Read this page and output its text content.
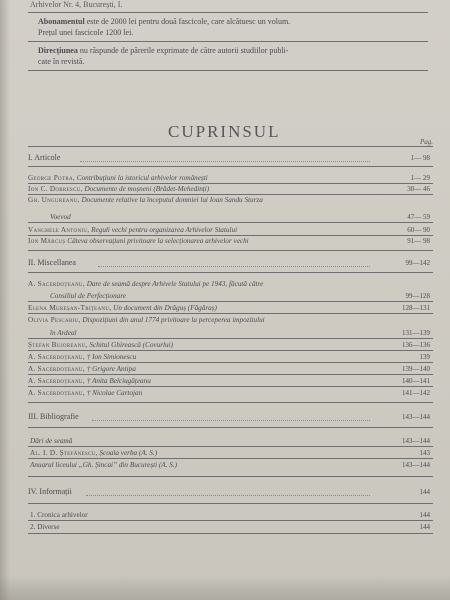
Arhivelor Nr. 4, București, I.
Abonamentul este de 2000 lei pentru două fascicole, care alcătuesc un volum.
Prețul unei fascicole 1200 lei.
Direcțiunea nu răspunde de părerile exprimate de către autorii studiilor publi-
cate în revistă.
CUPRINSUL
Pag.
I. Articole	1— 98
George Potra, Contribuțiuni la istoricul arhivelor românești	1— 29
Ion C. Dobrescu, Documente de moșneni (Brădet-Mehedinți)	30— 46
Gh. Ungureanu, Documente relative la începutul domniei lui Ioan Sandu Sturza
Voevod	47— 59
Vanghele Antoniu, Reguli vechi pentru organizarea Arhivelor Statului	60— 90
Ion Mărcuș Câteva observațiuni privitoare la selecționarea arhivelor vechi	91— 98
II. Miscellanea	99—142
A. Sacerdoțeanu, Dare de seamă despre Arhivele Statului pe 1943, făcută către
Consiliul de Perfecționare	99—128
Elena Mureșan-Trițeanu, Un document din Drăguș (Făgăraș)	128—131
Olivia Pescariu, Dispozițiuni din anul 1774 privitoare la perceperea impozitului
în Ardeal	131—139
Ștefan Bujoreanu, Schitul Ghirească (Covurlui)	136—136
A. Sacerdoțeanu, † Ion Simionescu	139
A. Sacerdoțeanu, † Grigore Antipa	139—140
A. Sacerdoțeanu, † Anita Belciugățeanu	140—141
A. Sacerdoțeanu, † Nicolae Cartojan	141—142
III. Bibliografie	143—144
Dări de seamă	143—144
Al. I. D. Ștefănescu, Școala verba (A. S.)	143
Anuarul liceului „Gh. Șincai” din București (A. S.)	143—144
IV. Informații	144
1. Cronica arhivelor	144
2. Diverse	144
